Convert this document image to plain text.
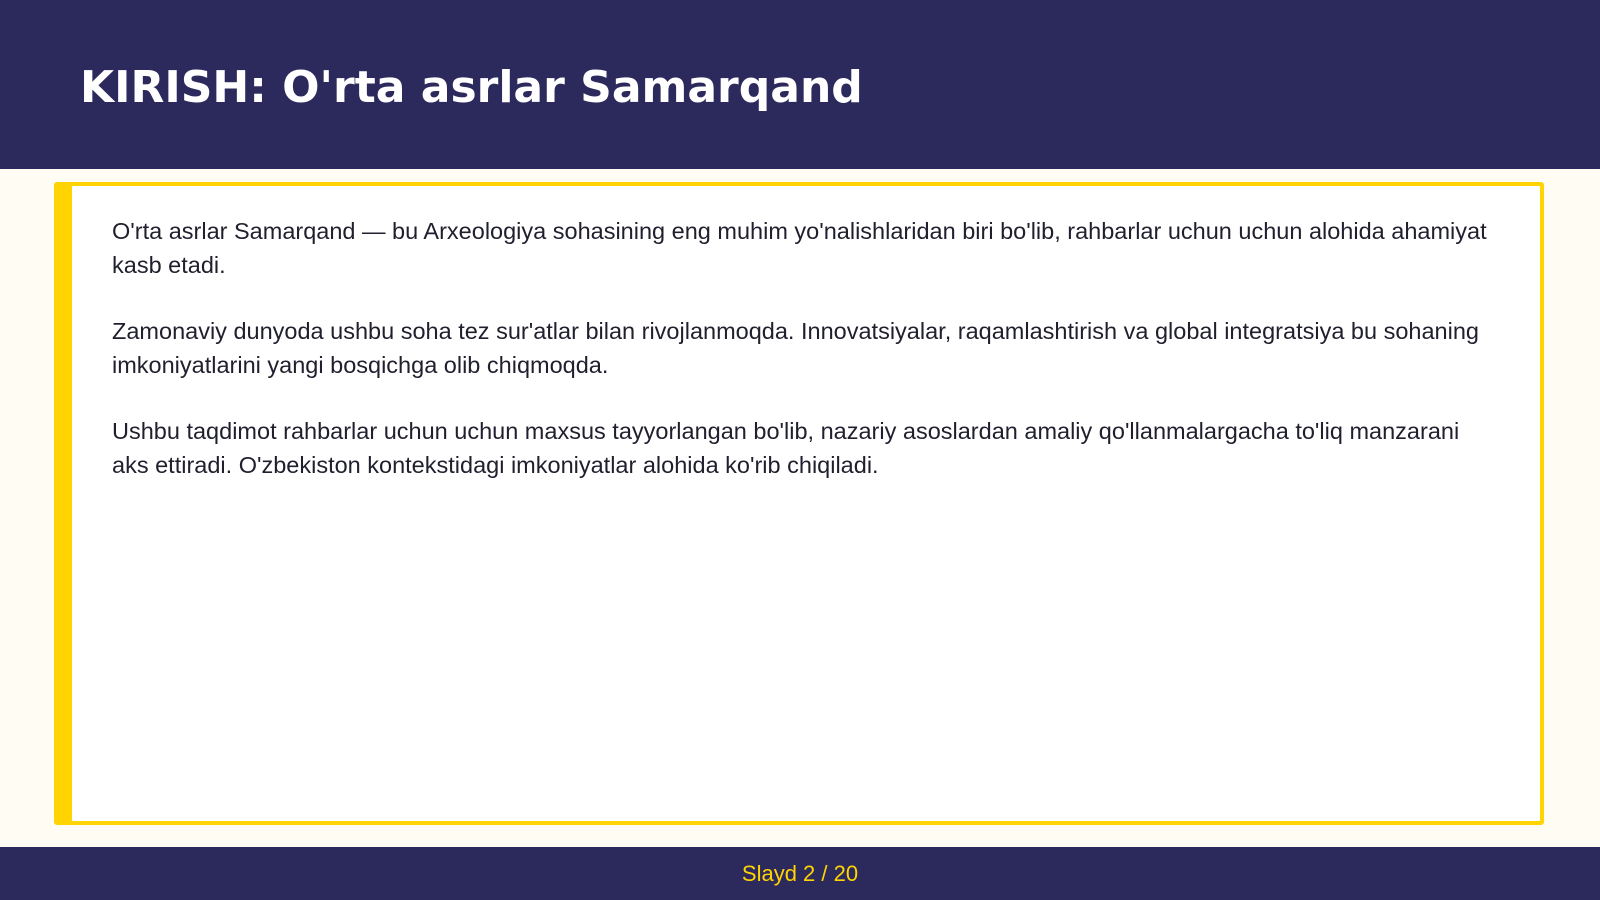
KIRISH: O'rta asrlar Samarqand

O'rta asrlar Samarqand — bu Arxeologiya sohasining eng muhim yo'nalishlaridan biri bo'lib, rahbarlar uchun uchun alohida ahamiyat kasb etadi.

Zamonaviy dunyoda ushbu soha tez sur'atlar bilan rivojlanmoqda. Innovatsiyalar, raqamlashtirish va global integratsiya bu sohaning imkoniyatlarini yangi bosqichga olib chiqmoqda.

Ushbu taqdimot rahbarlar uchun uchun maxsus tayyorlangan bo'lib, nazariy asoslardan amaliy qo'llanmalargacha to'liq manzarani aks ettiradi. O'zbekiston kontekstidagi imkoniyatlar alohida ko'rib chiqiladi.

Slayd 2 / 20
